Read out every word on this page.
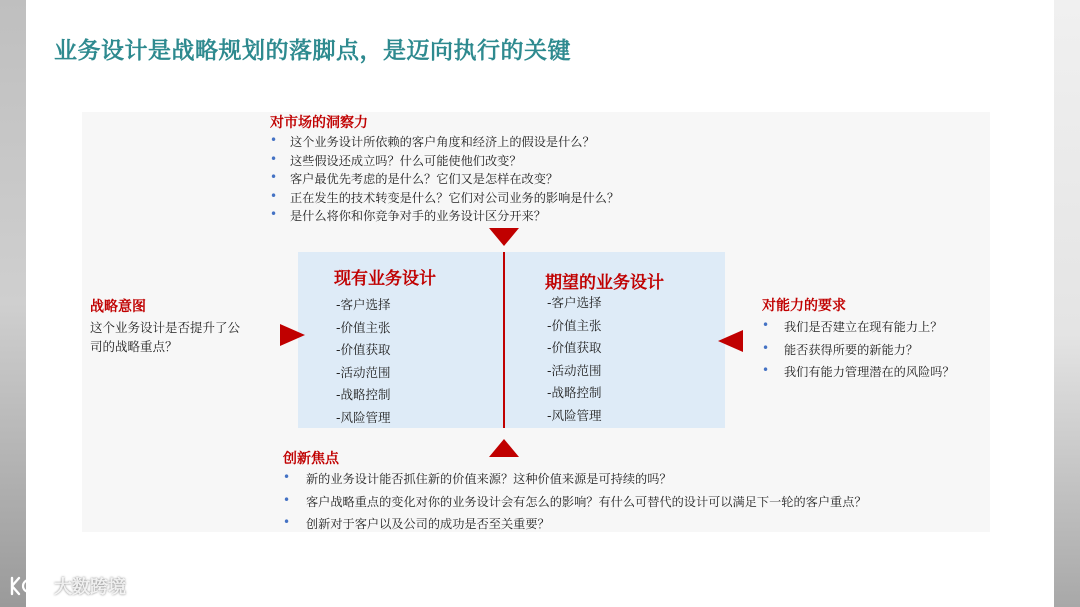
业务设计是战略规划的落脚点，是迈向执行的关键
对市场的洞察力
• 这个业务设计所依赖的客户角度和经济上的假设是什么？
• 这些假设还成立吗？什么可能使他们改变？
• 客户最优先考虑的是什么？它们又是怎样在改变？
• 正在发生的技术转变是什么？它们对公司业务的影响是什么？
• 是什么将你和你竞争对手的业务设计区分开来？
战略意图
这个业务设计是否提升了公
司的战略重点？
对能力的要求
• 我们是否建立在现有能力上？
• 能否获得所要的新能力？
• 我们有能力管理潜在的风险吗？
现有业务设计
-客户选择
-价值主张
-价值获取
-活动范围
-战略控制
-风险管理
期望的业务设计
-客户选择
-价值主张
-价值获取
-活动范围
-战略控制
-风险管理
创新焦点
• 新的业务设计能否抓住新的价值来源？这种价值来源是可持续的吗？
• 客户战略重点的变化对你的业务设计会有怎么的影响？有什么可替代的设计可以满足下一轮的客户重点？
• 创新对于客户以及公司的成功是否至关重要？
大数跨境
